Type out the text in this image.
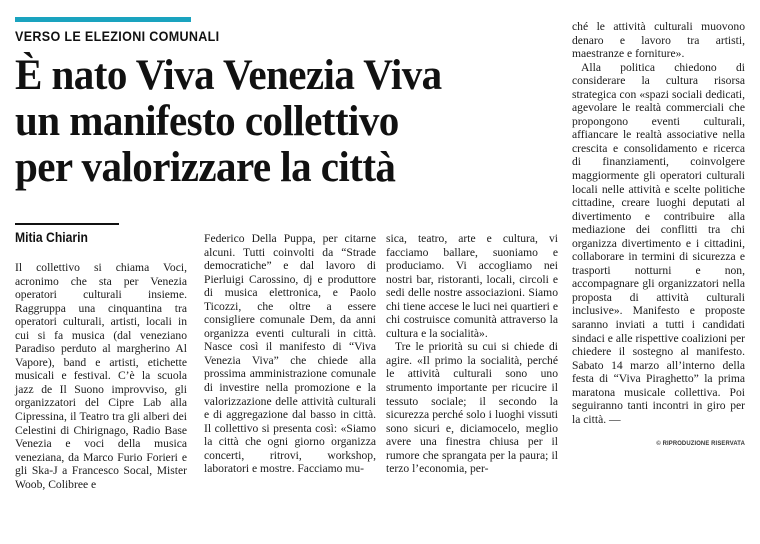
VERSO LE ELEZIONI COMUNALI
È nato Viva Venezia Viva
un manifesto collettivo
per valorizzare la città
Mitia Chiarin

Il collettivo si chiama Voci, acronimo che sta per Venezia operatori culturali insieme. Raggruppa una cinquantina tra operatori culturali, artisti, locali in cui si fa musica (dal veneziano Paradiso perduto al margherino Al Vapore), band e artisti, etichette musicali e festival. C’è la scuola jazz de Il Suono improvviso, gli organizzatori del Cipre Lab alla Cipressina, il Teatro tra gli alberi dei Celestini di Chirignago, Radio Base Venezia e voci della musica veneziana, da Marco Furio Forieri e gli Ska-J a Francesco Socal, Mister Woob, Colibree e

Federico Della Puppa, per citarne alcuni. Tutti coinvolti da “Strade democratiche” e dal lavoro di Pierluigi Carossino, dj e produttore di musica elettronica, e Paolo Ticozzi, che oltre a essere consigliere comunale Dem, da anni organizza eventi culturali in città. Nasce così il manifesto di “Viva Venezia Viva” che chiede alla prossima amministrazione comunale di investire nella promozione e la valorizzazione delle attività culturali e di aggregazione dal basso in città. Il collettivo si presenta così: «Siamo la città che ogni giorno organizza concerti, ritrovi, workshop, laboratori e mostre. Facciamo mu-

sica, teatro, arte e cultura, vi facciamo ballare, suoniamo e produciamo. Vi accogliamo nei nostri bar, ristoranti, locali, circoli e sedi delle nostre associazioni. Siamo chi tiene accese le luci nei quartieri e chi costruisce comunità attraverso la cultura e la socialità».

Tre le priorità su cui si chiede di agire. «Il primo la socialità, perché le attività culturali sono uno strumento importante per ricucire il tessuto sociale; il secondo la sicurezza perché solo i luoghi vissuti sono sicuri e, diciamocelo, meglio avere una finestra chiusa per il rumore che sprangata per la paura; il terzo l’economia, per-

ché le attività culturali muovono denaro e lavoro tra artisti, maestranze e forniture».

Alla politica chiedono di considerare la cultura risorsa strategica con «spazi sociali dedicati, agevolare le realtà commerciali che propongono eventi culturali, affiancare le realtà associative nella crescita e consolidamento e ricerca di finanziamenti, coinvolgere maggiormente gli operatori culturali locali nelle attività e scelte politiche cittadine, creare luoghi deputati al divertimento e contribuire alla mediazione dei conflitti tra chi organizza divertimento e i cittadini, collaborare in termini di sicurezza e trasporti notturni e non, accompagnare gli organizzatori nella proposta di attività culturali inclusive». Manifesto e proposte saranno inviati a tutti i candidati sindaci e alle rispettive coalizioni per chiedere il sostegno al manifesto. Sabato 14 marzo all’interno della festa di “Viva Piraghetto” la prima maratona musicale collettiva. Poi seguiranno tanti incontri in giro per la città. —

© RIPRODUZIONE RISERVATA
